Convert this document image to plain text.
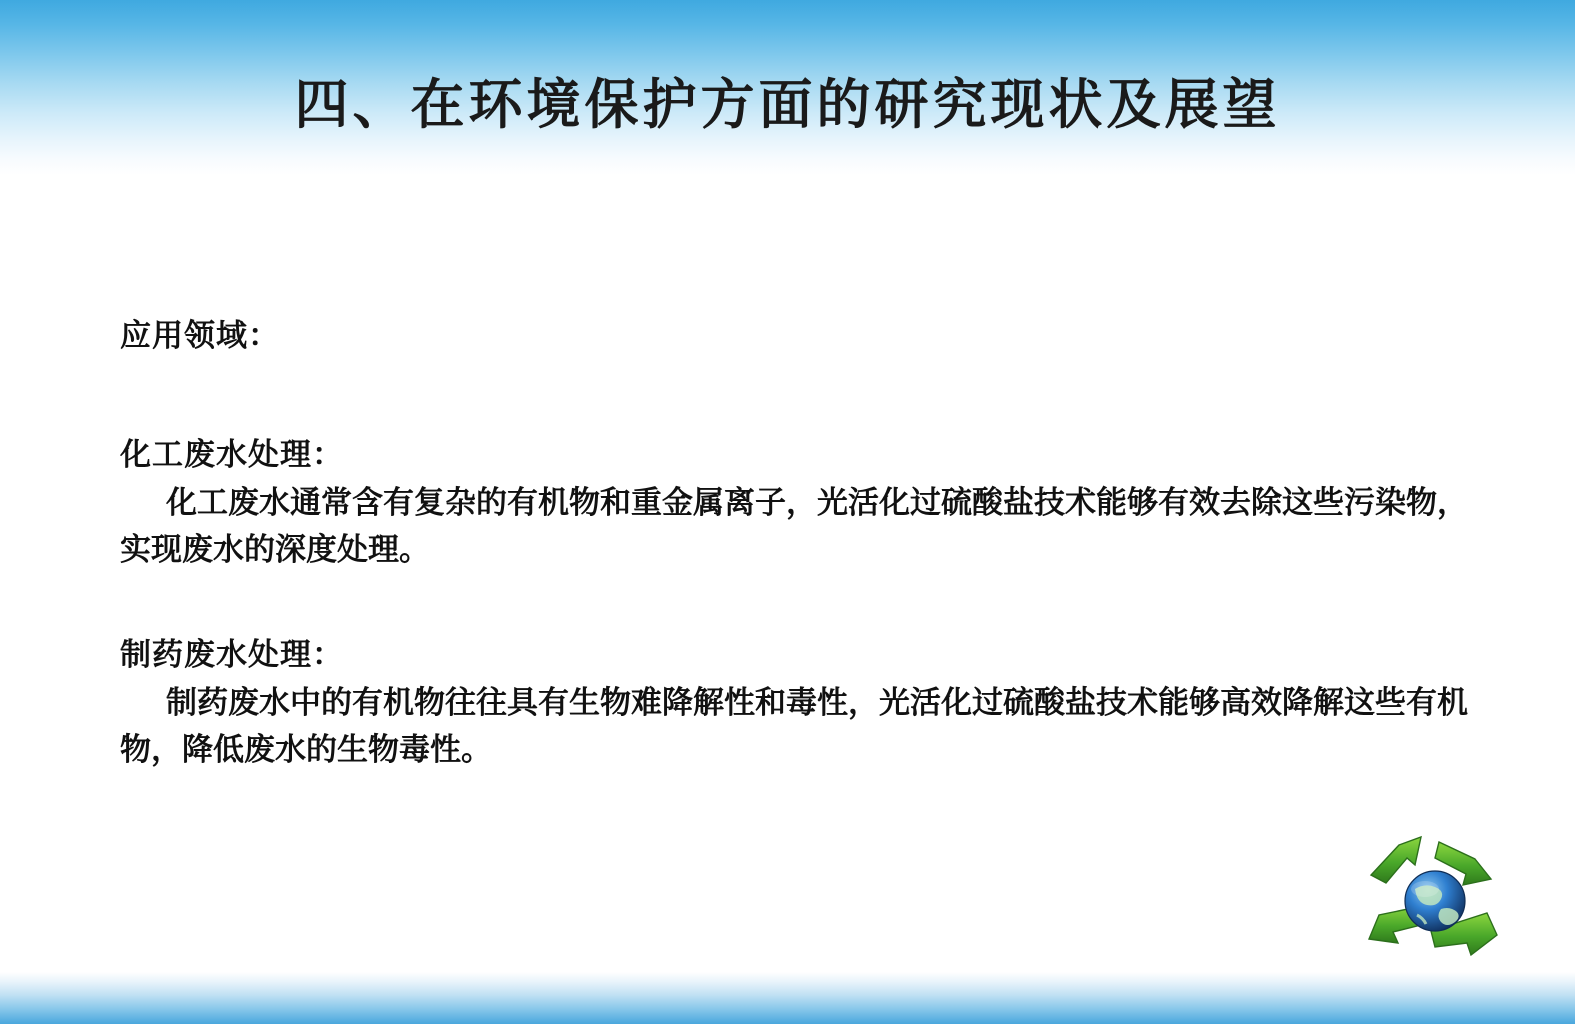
四、在环境保护方面的研究现状及展望

应用领域：

化工废水处理：

化工废水通常含有复杂的有机物和重金属离子，光活化过硫酸盐技术能够有效去除这些污染物，实现废水的深度处理。

制药废水处理：

制药废水中的有机物往往具有生物难降解性和毒性，光活化过硫酸盐技术能够高效降解这些有机物，降低废水的生物毒性。
